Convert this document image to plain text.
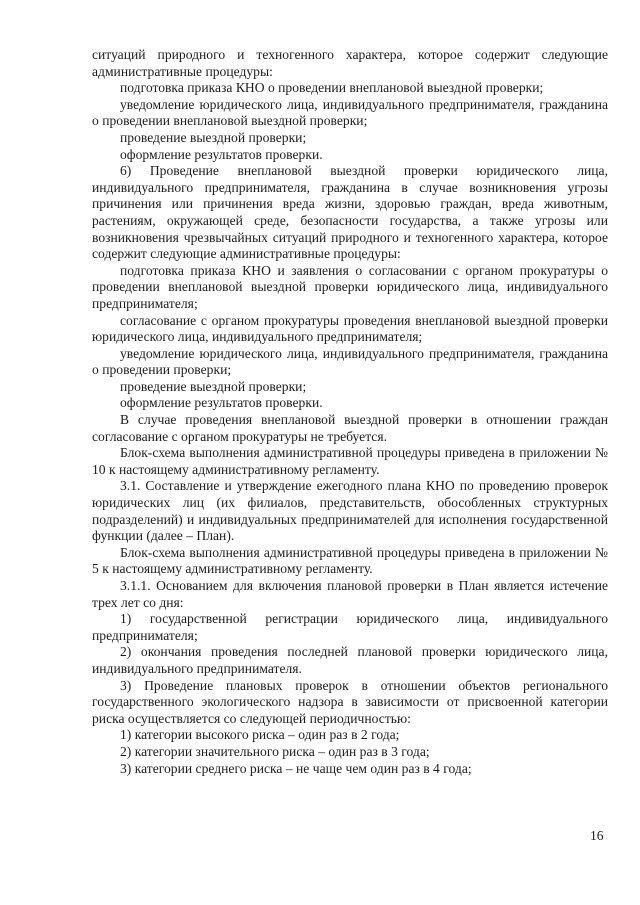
ситуаций природного и техногенного характера, которое содержит следующие административные процедуры:

подготовка приказа КНО о проведении внеплановой выездной проверки;

уведомление юридического лица, индивидуального предпринимателя, гражданина о проведении внеплановой выездной проверки;

проведение выездной проверки;

оформление результатов проверки.

6) Проведение внеплановой выездной проверки юридического лица, индивидуального предпринимателя, гражданина в случае возникновения угрозы причинения или причинения вреда жизни, здоровью граждан, вреда животным, растениям, окружающей среде, безопасности государства, а также угрозы или возникновения чрезвычайных ситуаций природного и техногенного характера, которое содержит следующие административные процедуры:

подготовка приказа КНО и заявления о согласовании с органом прокуратуры о проведении внеплановой выездной проверки юридического лица, индивидуального предпринимателя;

согласование с органом прокуратуры проведения внеплановой выездной проверки юридического лица, индивидуального предпринимателя;

уведомление юридического лица, индивидуального предпринимателя, гражданина о проведении проверки;

проведение выездной проверки;

оформление результатов проверки.

В случае проведения внеплановой выездной проверки в отношении граждан согласование с органом прокуратуры не требуется.

Блок-схема выполнения административной процедуры приведена в приложении № 10 к настоящему административному регламенту.

3.1. Составление и утверждение ежегодного плана КНО по проведению проверок юридических лиц (их филиалов, представительств, обособленных структурных подразделений) и индивидуальных предпринимателей для исполнения государственной функции (далее – План).

Блок-схема выполнения административной процедуры приведена в приложении № 5 к настоящему административному регламенту.

3.1.1. Основанием для включения плановой проверки в План является истечение трех лет со дня:

1) государственной регистрации юридического лица, индивидуального предпринимателя;

2) окончания проведения последней плановой проверки юридического лица, индивидуального предпринимателя.

3) Проведение плановых проверок в отношении объектов регионального государственного экологического надзора в зависимости от присвоенной категории риска осуществляется со следующей периодичностью:

1) категории высокого риска – один раз в 2 года;

2) категории значительного риска – один раз в 3 года;

3) категории среднего риска – не чаще чем один раз в 4 года;

16
